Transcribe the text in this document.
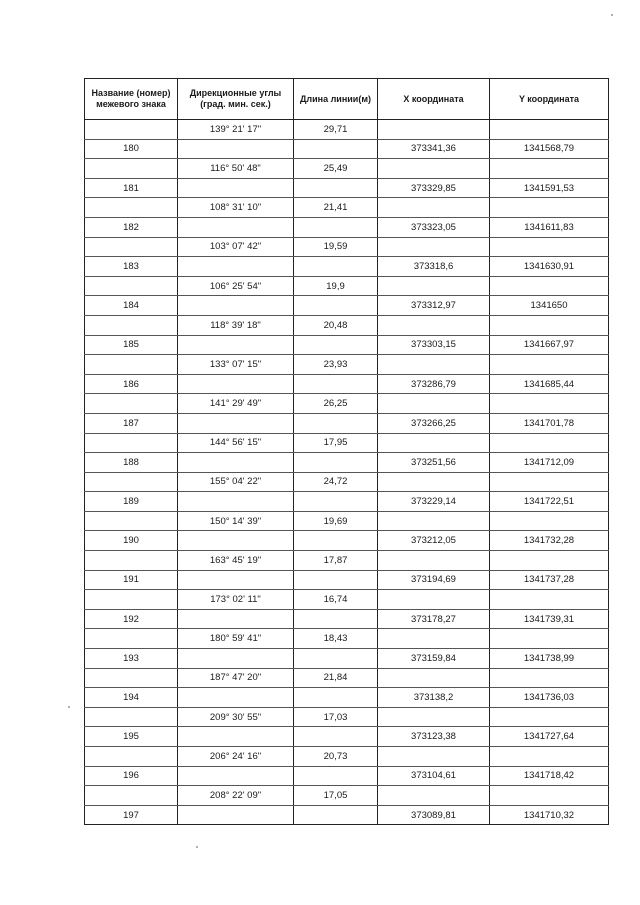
Название (номер) межевого знака	Дирекционные углы (град. мин. сек.)	Длина линии(м)	X координата	Y координата
	139° 21' 17"	29,71		
180			373341,36	1341568,79
	116° 50' 48"	25,49		
181			373329,85	1341591,53
	108° 31' 10"	21,41		
182			373323,05	1341611,83
	103° 07' 42"	19,59		
183			373318,6	1341630,91
	106° 25' 54"	19,9		
184			373312,97	1341650
	118° 39' 18"	20,48		
185			373303,15	1341667,97
	133° 07' 15"	23,93		
186			373286,79	1341685,44
	141° 29' 49"	26,25		
187			373266,25	1341701,78
	144° 56' 15"	17,95		
188			373251,56	1341712,09
	155° 04' 22"	24,72		
189			373229,14	1341722,51
	150° 14' 39"	19,69		
190			373212,05	1341732,28
	163° 45' 19"	17,87		
191			373194,69	1341737,28
	173° 02' 11"	16,74		
192			373178,27	1341739,31
	180° 59' 41"	18,43		
193			373159,84	1341738,99
	187° 47' 20"	21,84		
194			373138,2	1341736,03
	209° 30' 55"	17,03		
195			373123,38	1341727,64
	206° 24' 16"	20,73		
196			373104,61	1341718,42
	208° 22' 09"	17,05		
197			373089,81	1341710,32
